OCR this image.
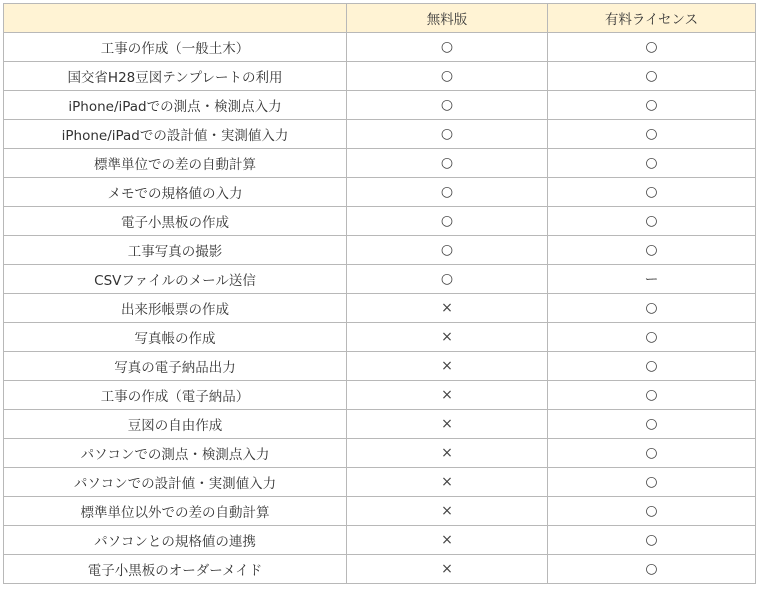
	無料版	有料ライセンス
工事の作成（一般土木）	○	○
国交省H28豆図テンプレートの利用	○	○
iPhone/iPadでの測点・検測点入力	○	○
iPhone/iPadでの設計値・実測値入力	○	○
標準単位での差の自動計算	○	○
メモでの規格値の入力	○	○
電子小黒板の作成	○	○
工事写真の撮影	○	○
CSVファイルのメール送信	○	ー
出来形帳票の作成	×	○
写真帳の作成	×	○
写真の電子納品出力	×	○
工事の作成（電子納品）	×	○
豆図の自由作成	×	○
パソコンでの測点・検測点入力	×	○
パソコンでの設計値・実測値入力	×	○
標準単位以外での差の自動計算	×	○
パソコンとの規格値の連携	×	○
電子小黒板のオーダーメイド	×	○
